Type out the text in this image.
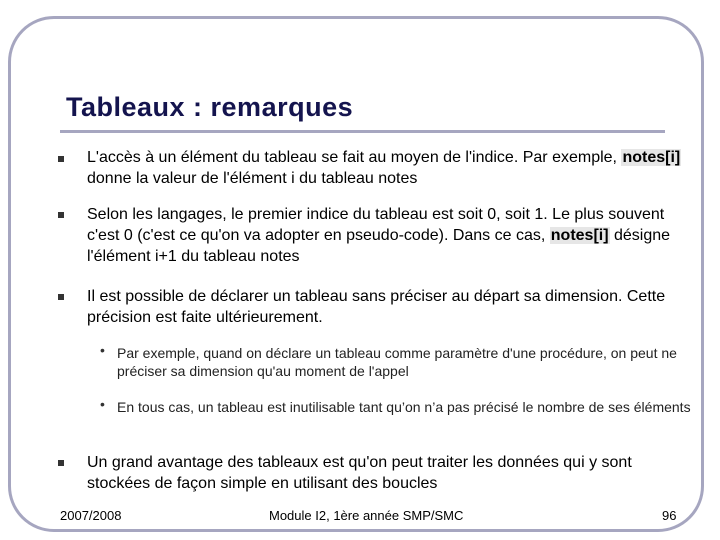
Tableaux : remarques
L'accès à un élément du tableau se fait au moyen de l'indice. Par exemple, notes[i] donne la valeur de l'élément i du tableau notes
Selon les langages, le premier indice du tableau est soit 0, soit 1. Le plus souvent c'est 0 (c'est ce qu'on va adopter en pseudo-code). Dans ce cas, notes[i] désigne l'élément i+1 du tableau notes
Il est possible de déclarer un tableau sans préciser au départ sa dimension. Cette précision est faite ultérieurement.
• Par exemple, quand on déclare un tableau comme paramètre d'une procédure, on peut ne préciser sa dimension qu'au moment de l'appel
• En tous cas, un tableau est inutilisable tant qu’on n’a pas précisé le nombre de ses éléments
Un grand avantage des tableaux est qu'on peut traiter les données qui y sont stockées de façon simple en utilisant des boucles
2007/2008	Module I2, 1ère année SMP/SMC	96
